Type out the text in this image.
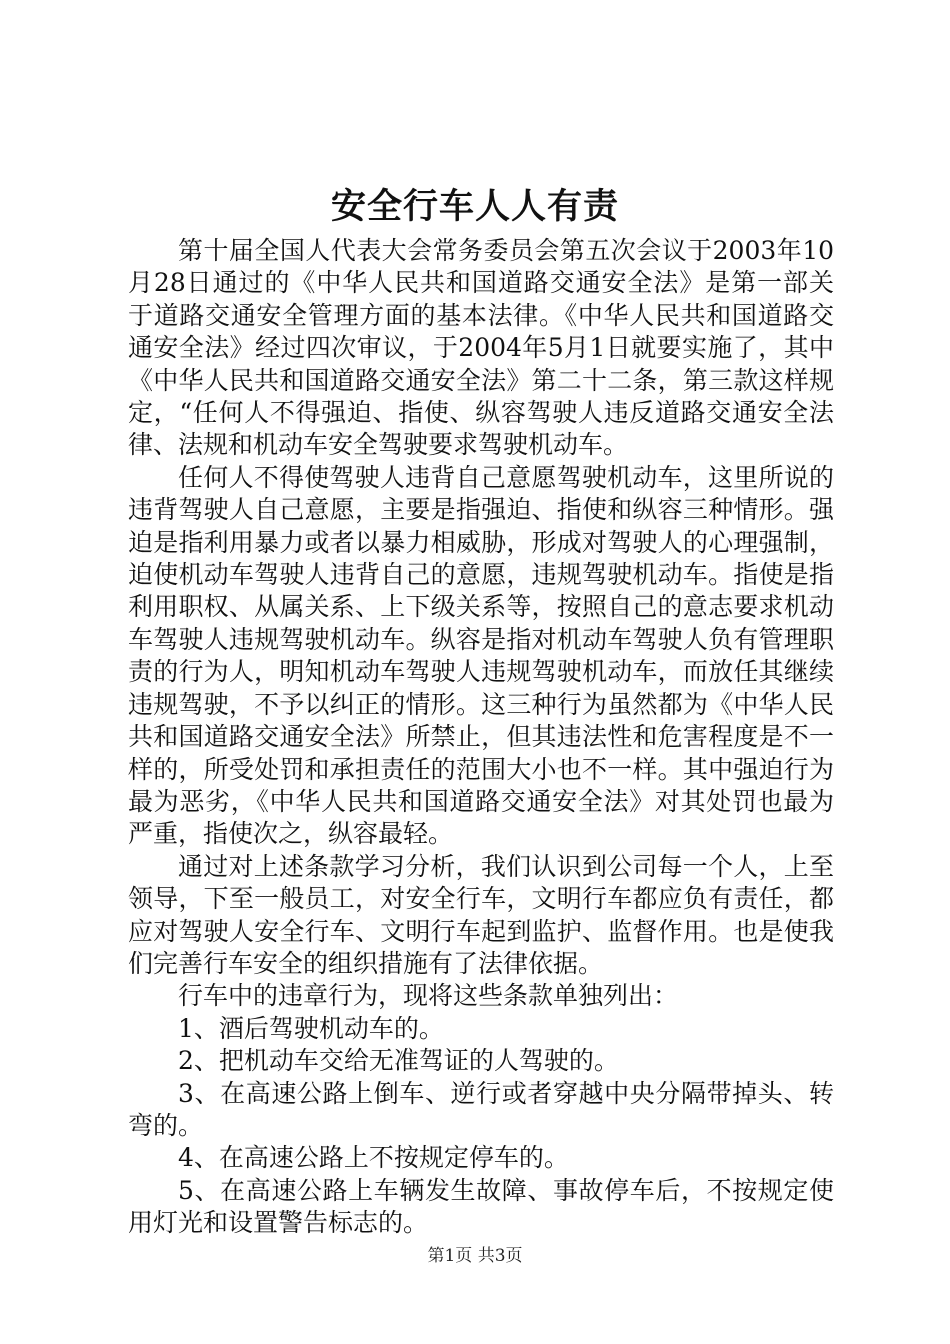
安全行车人人有责

第十届全国人代表大会常务委员会第五次会议于2003年10月28日通过的《中华人民共和国道路交通安全法》是第一部关于道路交通安全管理方面的基本法律。《中华人民共和国道路交通安全法》经过四次审议，于2004年5月1日就要实施了，其中《中华人民共和国道路交通安全法》第二十二条，第三款这样规定，“任何人不得强迫、指使、纵容驾驶人违反道路交通安全法律、法规和机动车安全驾驶要求驾驶机动车。

任何人不得使驾驶人违背自己意愿驾驶机动车，这里所说的违背驾驶人自己意愿，主要是指强迫、指使和纵容三种情形。强迫是指利用暴力或者以暴力相威胁，形成对驾驶人的心理强制，迫使机动车驾驶人违背自己的意愿，违规驾驶机动车。指使是指利用职权、从属关系、上下级关系等，按照自己的意志要求机动车驾驶人违规驾驶机动车。纵容是指对机动车驾驶人负有管理职责的行为人，明知机动车驾驶人违规驾驶机动车，而放任其继续违规驾驶，不予以纠正的情形。这三种行为虽然都为《中华人民共和国道路交通安全法》所禁止，但其违法性和危害程度是不一样的，所受处罚和承担责任的范围大小也不一样。其中强迫行为最为恶劣，《中华人民共和国道路交通安全法》对其处罚也最为严重，指使次之，纵容最轻。

通过对上述条款学习分析，我们认识到公司每一个人，上至领导，下至一般员工，对安全行车，文明行车都应负有责任，都应对驾驶人安全行车、文明行车起到监护、监督作用。也是使我们完善行车安全的组织措施有了法律依据。

行车中的违章行为，现将这些条款单独列出：

1、酒后驾驶机动车的。

2、把机动车交给无准驾证的人驾驶的。

3、在高速公路上倒车、逆行或者穿越中央分隔带掉头、转弯的。

4、在高速公路上不按规定停车的。

5、在高速公路上车辆发生故障、事故停车后，不按规定使用灯光和设置警告标志的。

第1页 共3页
